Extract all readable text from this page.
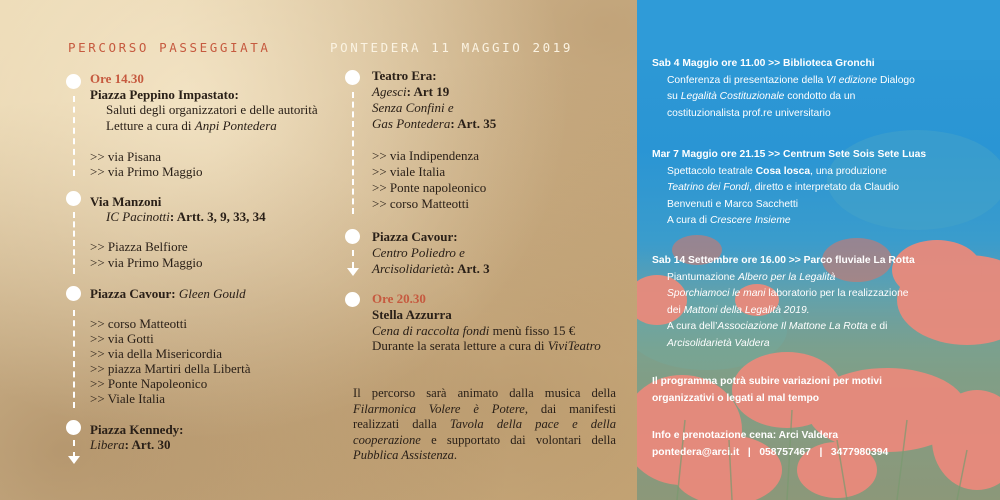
PERCORSO PASSEGGIATA	PONTEDERA 11 MAGGIO 2019
Ore 14.30
Piazza Peppino Impastato:
Saluti degli organizzatori e delle autorità
Letture a cura di Anpi Pontedera
>> via Pisana
>> via Primo Maggio
Via Manzoni
IC Pacinotti: Artt. 3, 9, 33, 34
>> Piazza Belfiore
>> via Primo Maggio
Piazza Cavour: Gleen Gould
>> corso Matteotti
>> via Gotti
>> via della Misericordia
>> piazza Martiri della Libertà
>> Ponte Napoleonico
>> Viale Italia
Piazza Kennedy:
Libera: Art. 30
Teatro Era:
Agesci: Art 19
Senza Confini e
Gas Pontedera: Art. 35
>> via Indipendenza
>> viale Italia
>> Ponte napoleonico
>> corso Matteotti
Piazza Cavour:
Centro Poliedro e
Arcisolidarietà: Art. 3
Ore 20.30
Stella Azzurra
Cena di raccolta fondi menù fisso 15 €
Durante la serata letture a cura di ViviTeatro

Il percorso sarà animato dalla musica della Filarmonica Volere è Potere, dai manifesti realizzati dalla Tavola della pace e della cooperazione e supportato dai volontari della Pubblica Assistenza.

Sab 4 Maggio ore 11.00 >> Biblioteca Gronchi
Conferenza di presentazione della VI edizione Dialogo
su Legalità Costituzionale condotto da un
costituzionalista prof.re universitario
Mar 7 Maggio ore 21.15 >> Centrum Sete Sois Sete Luas
Spettacolo teatrale Cosa losca, una produzione
Teatrino dei Fondi, diretto e interpretato da Claudio
Benvenuti e Marco Sacchetti
A cura di Crescere Insieme
Sab 14 Settembre ore 16.00 >> Parco fluviale La Rotta
Piantumazione Albero per la Legalità
Sporchiamoci le mani laboratorio per la realizzazione
dei Mattoni della Legalità 2019.
A cura dell’Associazione Il Mattone La Rotta e di
Arcisolidarietà Valdera
Il programma potrà subire variazioni per motivi
organizzativi o legati al mal tempo
Info e prenotazione cena: Arci Valdera
pontedera@arci.it   |   058757467   |   3477980394
